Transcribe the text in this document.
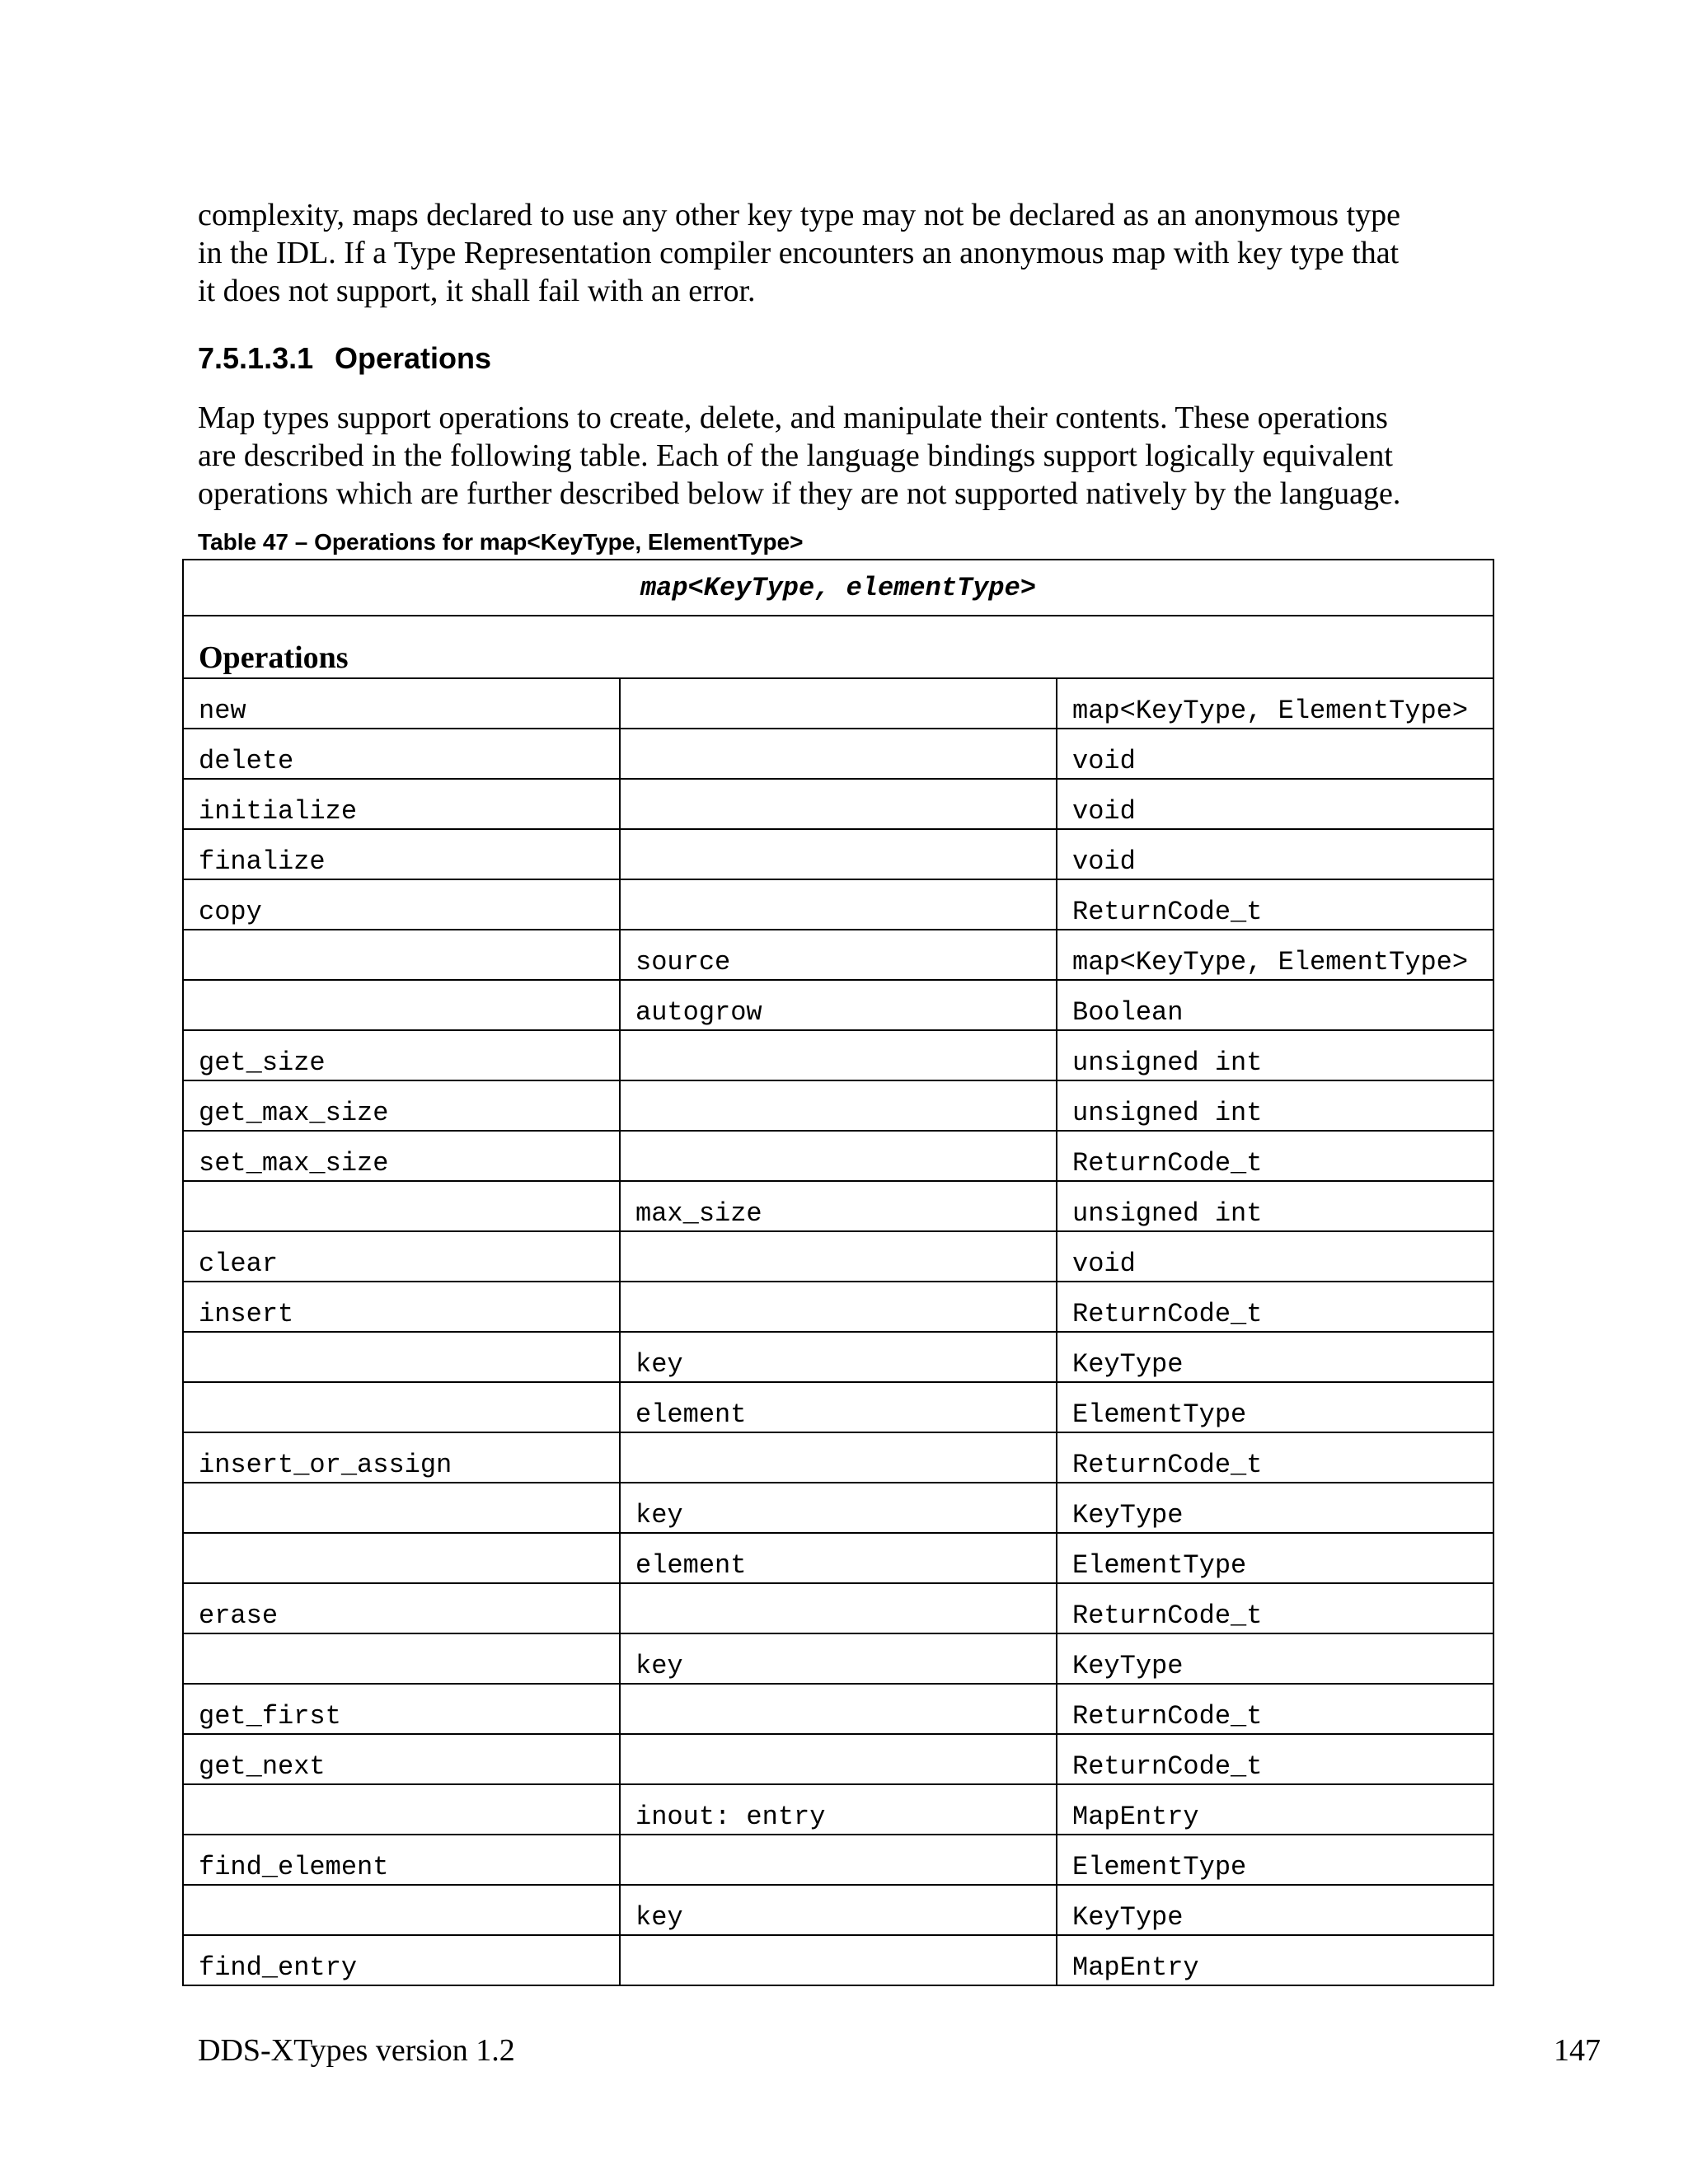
complexity, maps declared to use any other key type may not be declared as an anonymous type
in the IDL. If a Type Representation compiler encounters an anonymous map with key type that
it does not support, it shall fail with an error.
7.5.1.3.1 Operations
Map types support operations to create, delete, and manipulate their contents. These operations
are described in the following table. Each of the language bindings support logically equivalent
operations which are further described below if they are not supported natively by the language.
Table 47 – Operations for map<KeyType, ElementType>
map<KeyType, elementType>		
Operations		
new		map<KeyType, ElementType>
delete		void
initialize		void
finalize		void
copy		ReturnCode_t
	source	map<KeyType, ElementType>
	autogrow	Boolean
get_size		unsigned int
get_max_size		unsigned int
set_max_size		ReturnCode_t
	max_size	unsigned int
clear		void
insert		ReturnCode_t
	key	KeyType
	element	ElementType
insert_or_assign		ReturnCode_t
	key	KeyType
	element	ElementType
erase		ReturnCode_t
	key	KeyType
get_first		ReturnCode_t
get_next		ReturnCode_t
	inout: entry	MapEntry
find_element		ElementType
	key	KeyType
find_entry		MapEntry
DDS-XTypes version 1.2	147
